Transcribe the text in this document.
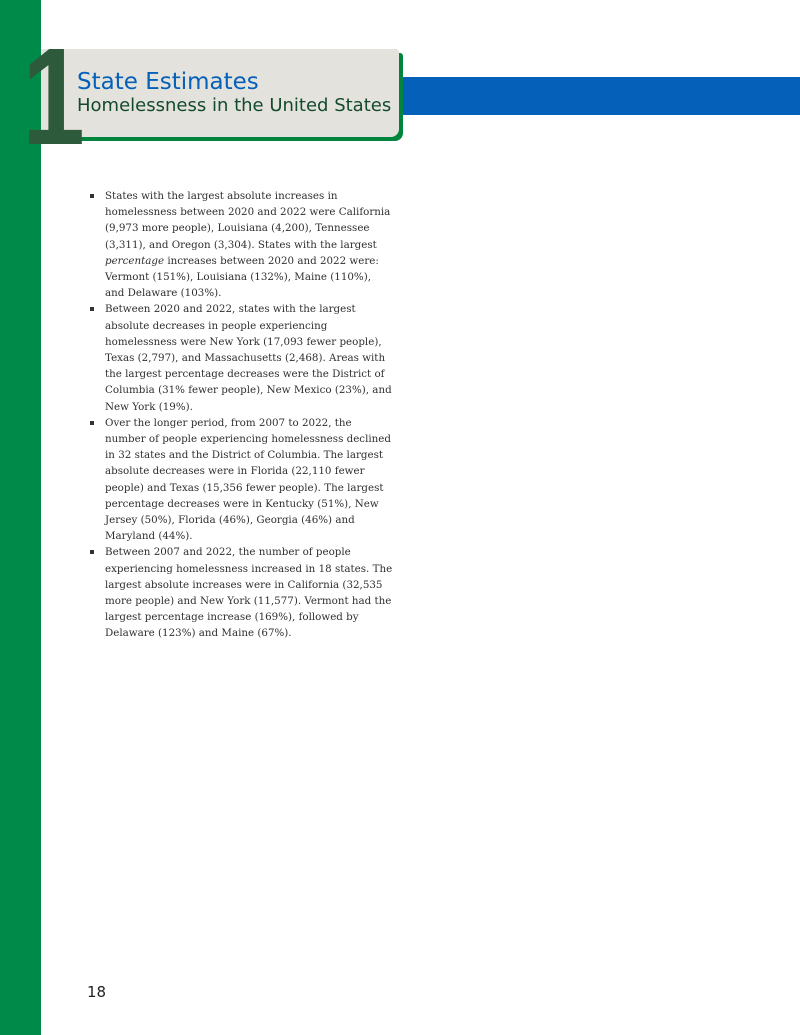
1
State Estimates
Homelessness in the United States
States with the largest absolute increases in homelessness between 2020 and 2022 were California (9,973 more people), Louisiana (4,200), Tennessee (3,311), and Oregon (3,304). States with the largest percentage increases between 2020 and 2022 were: Vermont (151%), Louisiana (132%), Maine (110%), and Delaware (103%).
Between 2020 and 2022, states with the largest absolute decreases in people experiencing homelessness were New York (17,093 fewer people), Texas (2,797), and Massachusetts (2,468). Areas with the largest percentage decreases were the District of Columbia (31% fewer people), New Mexico (23%), and New York (19%).
Over the longer period, from 2007 to 2022, the number of people experiencing homelessness declined in 32 states and the District of Columbia. The largest absolute decreases were in Florida (22,110 fewer people) and Texas (15,356 fewer people). The largest percentage decreases were in Kentucky (51%), New Jersey (50%), Florida (46%), Georgia (46%) and Maryland (44%).
Between 2007 and 2022, the number of people experiencing homelessness increased in 18 states. The largest absolute increases were in California (32,535 more people) and New York (11,577). Vermont had the largest percentage increase (169%), followed by Delaware (123%) and Maine (67%).
18
